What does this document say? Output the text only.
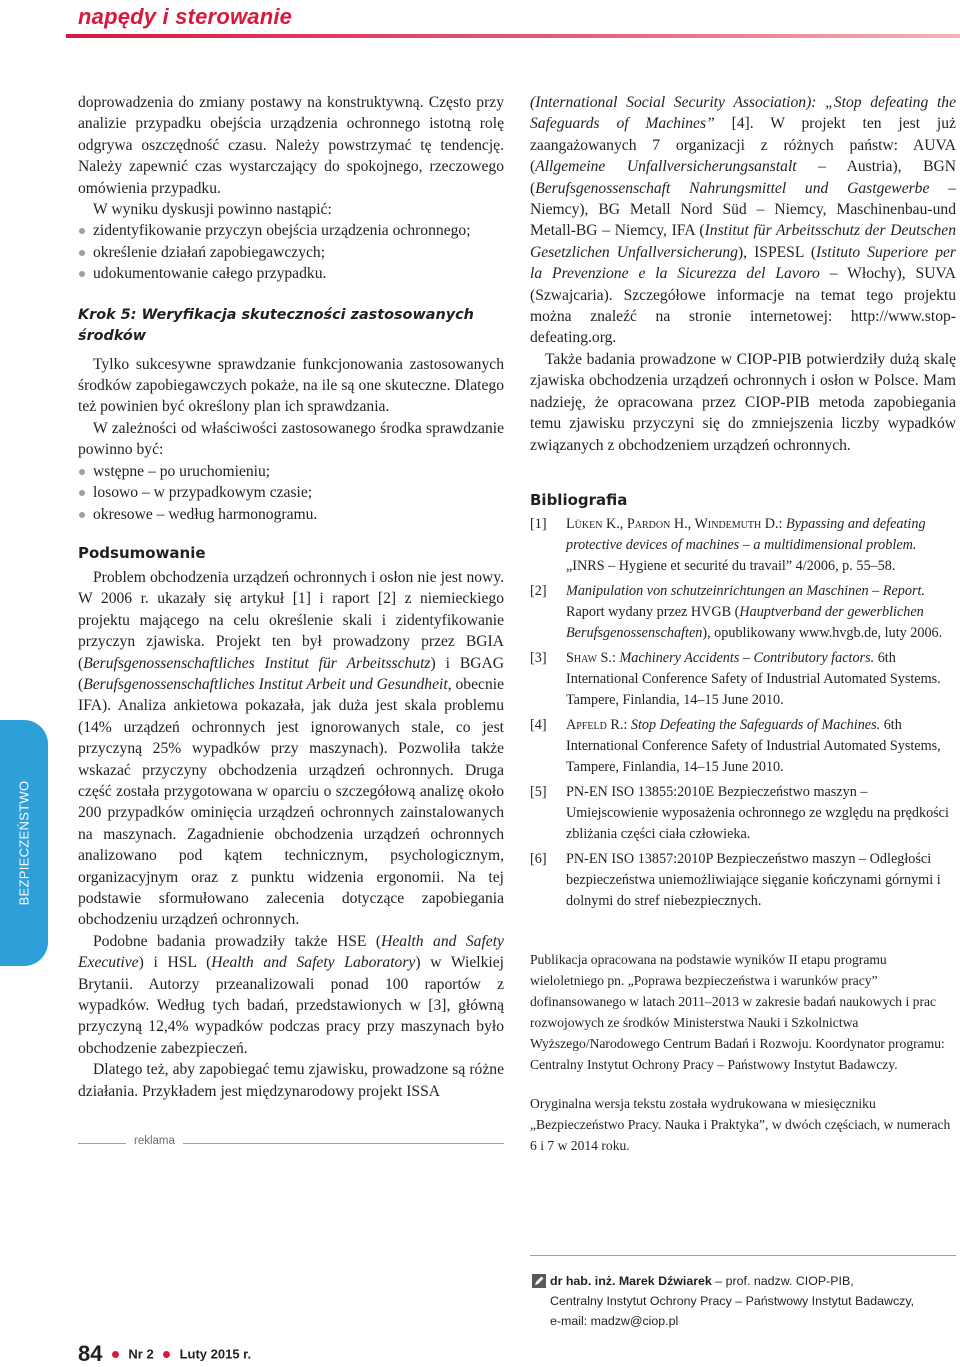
napędy i sterowanie
BEZPIECZEŃSTWO

doprowadzenia do zmiany postawy na konstruktywną. Często przy analizie przypadku obejścia urządzenia ochronnego istotną rolę odgrywa oszczędność czasu. Należy powstrzymać tę tendencję. Należy zapewnić czas wystarczający do spokojnego, rzeczowego omówienia przypadku.

W wyniku dyskusji powinno nastąpić:

zidentyfikowanie przyczyn obejścia urządzenia ochronnego;
określenie działań zapobiegawczych;
udokumentowanie całego przypadku.

Krok 5: Weryfikacja skuteczności zastosowanych środków

Tylko sukcesywne sprawdzanie funkcjonowania zastosowanych środków zapobiegawczych pokaże, na ile są one skuteczne. Dlatego też powinien być określony plan ich sprawdzania.

W zależności od właściwości zastosowanego środka sprawdzanie powinno być:

wstępne – po uruchomieniu;
losowo – w przypadkowym czasie;
okresowe – według harmonogramu.

Podsumowanie

Problem obchodzenia urządzeń ochronnych i osłon nie jest nowy. W 2006 r. ukazały się artykuł [1] i raport [2] z niemieckiego projektu mającego na celu określenie skali i zidentyfikowanie przyczyn zjawiska. Projekt ten był prowadzony przez BGIA (Berufsgenossenschaftliches Institut für Arbeitsschutz) i BGAG (Berufsgenossenschaftliches Institut Arbeit und Gesundheit, obecnie IFA). Analiza ankietowa pokazała, jak duża jest skala problemu (14% urządzeń ochronnych jest ignorowanych stale, co jest przyczyną 25% wypadków przy maszynach). Pozwoliła także wskazać przyczyny obchodzenia urządzeń ochronnych. Druga część została przygotowana w oparciu o szczegółową analizę około 200 przypadków ominięcia urządzeń ochronnych zainstalowanych na maszynach. Zagadnienie obchodzenia urządzeń ochronnych analizowano pod kątem technicznym, psychologicznym, organizacyjnym oraz z punktu widzenia ergonomii. Na tej podstawie sformułowano zalecenia dotyczące zapobiegania obchodzeniu urządzeń ochronnych.

Podobne badania prowadziły także HSE (Health and Safety Executive) i HSL (Health and Safety Laboratory) w Wielkiej Brytanii. Autorzy przeanalizowali ponad 100 raportów z wypadków. Według tych badań, przedstawionych w [3], główną przyczyną 12,4% wypadków podczas pracy przy maszynach było obchodzenie zabezpieczeń.

Dlatego też, aby zapobiegać temu zjawisku, prowadzone są różne działania. Przykładem jest międzynarodowy projekt ISSA

reklama

(International Social Security Association): „Stop defeating the Safeguards of Machines” [4]. W projekt ten jest już zaangażowanych 7 organizacji z różnych państw: AUVA (Allgemeine Unfallversicherungsanstalt – Austria), BGN (Berufsgenossenschaft Nahrungsmittel und Gastgewerbe – Niemcy), BG Metall Nord Süd – Niemcy, Maschinenbau-und Metall-BG – Niemcy, IFA (Institut für Arbeitsschutz der Deutschen Gesetzlichen Unfallversicherung), ISPESL (Istituto Superiore per la Prevenzione e la Sicurezza del Lavoro – Włochy), SUVA (Szwajcaria). Szczegółowe informacje na temat tego projektu można znaleźć na stronie internetowej: http://www.stop-defeating.org.

Także badania prowadzone w CIOP-PIB potwierdziły dużą skalę zjawiska obchodzenia urządzeń ochronnych i osłon w Polsce. Mam nadzieję, że opracowana przez CIOP-PIB metoda zapobiegania temu zjawisku przyczyni się do zmniejszenia liczby wypadków związanych z obchodzeniem urządzeń ochronnych.

Bibliografia

[1]	Lüken K., Pardon H., Windemuth D.: Bypassing and defeating protective devices of machines – a multidimensional problem. „INRS – Hygiene et securité du travail” 4/2006, p. 55–58.
[2]	Manipulation von schutzeinrichtungen an Maschinen – Report. Raport wydany przez HVGB (Hauptverband der gewerblichen Berufsgenossenschaften), opublikowany www.hvgb.de, luty 2006.
[3]	Shaw S.: Machinery Accidents – Contributory factors. 6th International Conference Safety of Industrial Automated Systems. Tampere, Finlandia, 14–15 June 2010.
[4]	Apfeld R.: Stop Defeating the Safeguards of Machines. 6th International Conference Safety of Industrial Automated Systems, Tampere, Finlandia, 14–15 June 2010.
[5]	PN-EN ISO 13855:2010E Bezpieczeństwo maszyn – Umiejscowienie wyposażenia ochronnego ze względu na prędkości zbliżania części ciała człowieka.
[6]	PN-EN ISO 13857:2010P Bezpieczeństwo maszyn – Odległości bezpieczeństwa uniemożliwiające sięganie kończynami górnymi i dolnymi do stref niebezpiecznych.

Publikacja opracowana na podstawie wyników II etapu programu wieloletniego pn. „Poprawa bezpieczeństwa i warunków pracy” dofinansowanego w latach 2011–2013 w zakresie badań naukowych i prac rozwojowych ze środków Ministerstwa Nauki i Szkolnictwa Wyższego/Narodowego Centrum Badań i Rozwoju. Koordynator programu: Centralny Instytut Ochrony Pracy – Państwowy Instytut Badawczy.

Oryginalna wersja tekstu została wydrukowana w miesięczniku „Bezpieczeństwo Pracy. Nauka i Praktyka”, w dwóch częściach, w numerach 6 i 7 w 2014 roku.

dr hab. inż. Marek Dźwiarek – prof. nadzw. CIOP-PIB,
Centralny Instytut Ochrony Pracy – Państwowy Instytut Badawczy,
e-mail: madzw@ciop.pl
84 Nr 2 Luty 2015 r.
